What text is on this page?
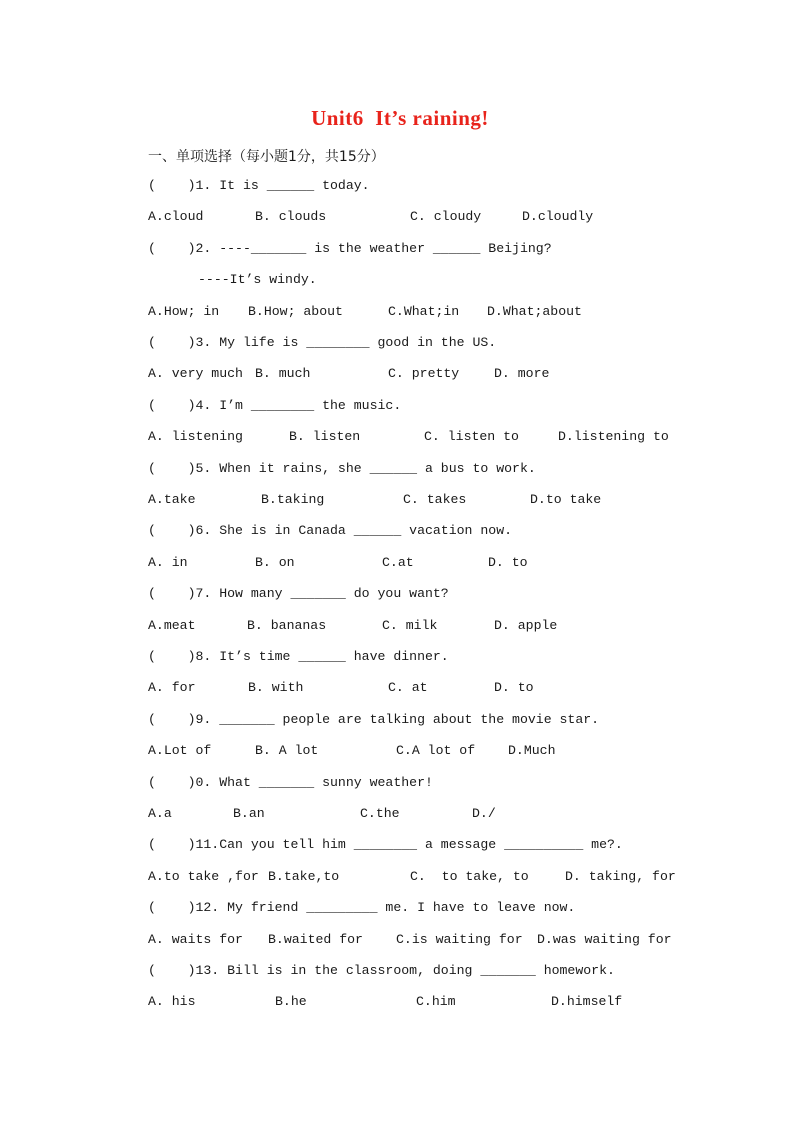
Unit6  It’s raining!
一、单项选择（每小题1分，共15分）
(    )1. It is ______ today.
A.cloud	B. clouds	C. cloudy	D.cloudly
(    )2. ----_______ is the weather ______ Beijing?
----It’s windy.
A.How; in B.How; about	C.What;in D.What;about
(    )3. My life is ________ good in the US.
A. very much B. much	C. pretty	D. more
(    )4. I’m ________ the music.
A. listening	B. listen	C. listen to	D.listening to
(    )5. When it rains, she ______ a bus to work.
A.take	B.taking	C. takes	D.to take
(    )6. She is in Canada ______ vacation now.
A. in	B. on	C.at	D. to
(    )7. How many _______ do you want?
A.meat	B. bananas	C. milk	D. apple
(    )8. It’s time ______ have dinner.
A. for	B. with	C. at	D. to
(    )9. _______ people are talking about the movie star.
A.Lot of	B. A lot	C.A lot of D.Much
(    )0. What _______ sunny weather!
A.a	B.an	C.the	D./
(    )11.Can you tell him ________ a message __________ me?.
A.to take ,for B.take,to	C.  to take, to	D. taking, for
(    )12. My friend _________ me. I have to leave now.
A. waits for B.waited for	C.is waiting for D.was waiting for
(    )13. Bill is in the classroom, doing _______ homework.
A. his	B.he	C.him	D.himself
